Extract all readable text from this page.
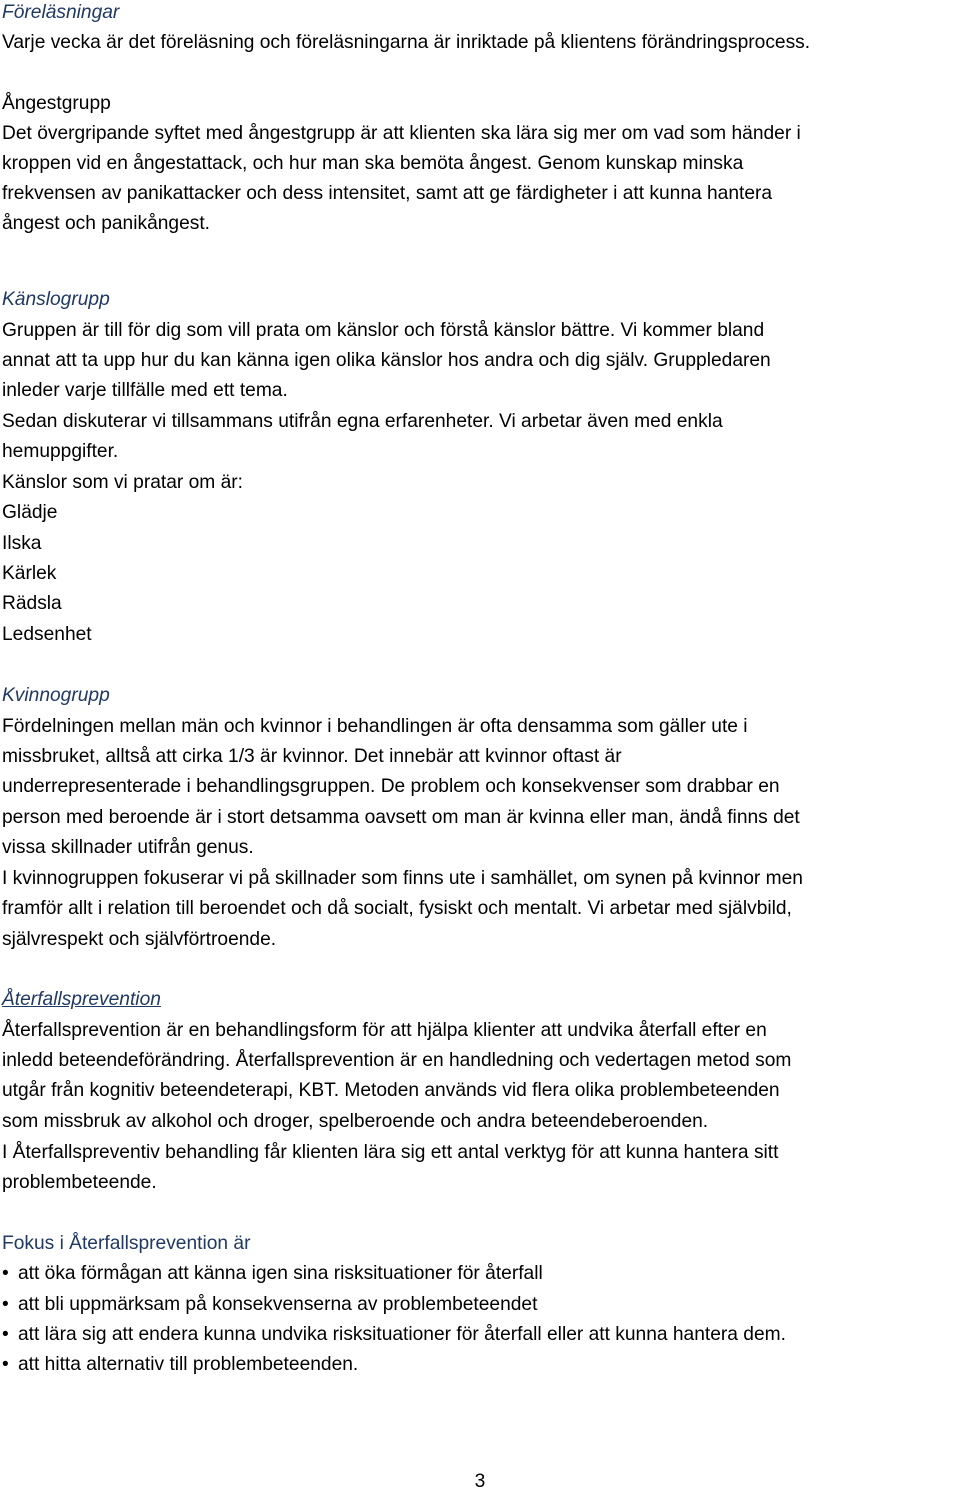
Föreläsningar
Varje vecka är det föreläsning och föreläsningarna är inriktade på klientens förändringsprocess.
Ångestgrupp
Det övergripande syftet med ångestgrupp är att klienten ska lära sig mer om vad som händer i
kroppen vid en ångestattack, och hur man ska bemöta ångest. Genom kunskap minska
frekvensen av panikattacker och dess intensitet, samt att ge färdigheter i att kunna hantera
ångest och panikångest.
Känslogrupp
Gruppen är till för dig som vill prata om känslor och förstå känslor bättre. Vi kommer bland
annat att ta upp hur du kan känna igen olika känslor hos andra och dig själv. Gruppledaren
inleder varje tillfälle med ett tema.
Sedan diskuterar vi tillsammans utifrån egna erfarenheter. Vi arbetar även med enkla
hemuppgifter.
Känslor som vi pratar om är:
Glädje
Ilska
Kärlek
Rädsla
Ledsenhet
Kvinnogrupp
Fördelningen mellan män och kvinnor i behandlingen är ofta densamma som gäller ute i
missbruket, alltså att cirka 1/3 är kvinnor. Det innebär att kvinnor oftast är
underrepresenterade i behandlingsgruppen. De problem och konsekvenser som drabbar en
person med beroende är i stort detsamma oavsett om man är kvinna eller man, ändå finns det
vissa skillnader utifrån genus.
I kvinnogruppen fokuserar vi på skillnader som finns ute i samhället, om synen på kvinnor men
framför allt i relation till beroendet och då socialt, fysiskt och mentalt. Vi arbetar med självbild,
självrespekt och självförtroende.
Återfallsprevention
Återfallsprevention är en behandlingsform för att hjälpa klienter att undvika återfall efter en
inledd beteendeförändring. Återfallsprevention är en handledning och vedertagen metod som
utgår från kognitiv beteendeterapi, KBT. Metoden används vid flera olika problembeteenden
som missbruk av alkohol och droger, spelberoende och andra beteendeberoenden.
I Återfallspreventiv behandling får klienten lära sig ett antal verktyg för att kunna hantera sitt
problembeteende.
Fokus i Återfallsprevention är
• att öka förmågan att känna igen sina risksituationer för återfall
• att bli uppmärksam på konsekvenserna av problembeteendet
• att lära sig att endera kunna undvika risksituationer för återfall eller att kunna hantera dem.
• att hitta alternativ till problembeteenden.
3
